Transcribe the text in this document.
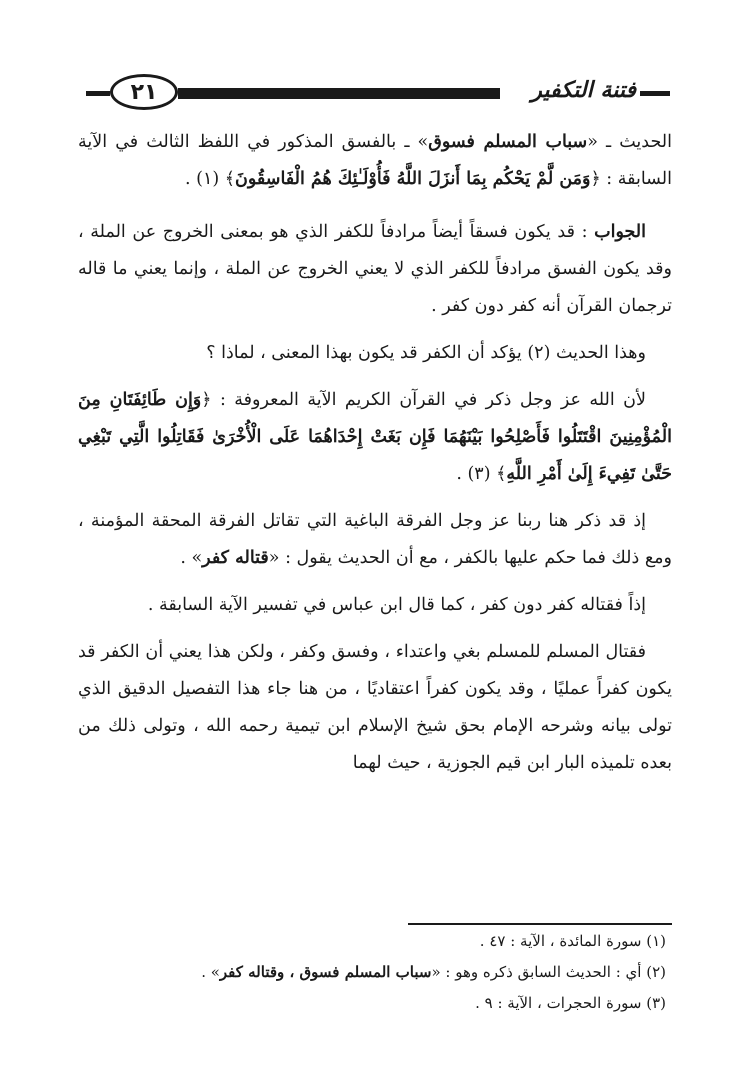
٢١	فتنة التكفير

الحديث ـ «سباب المسلم فسوق» ـ بالفسق المذكور في اللفظ الثالث في الآية السابقة : ﴿وَمَن لَّمْ يَحْكُم بِمَا أَنزَلَ اللَّهُ فَأُوْلَـٰئِكَ هُمُ الْفَاسِقُونَ﴾ (١) .

الجواب : قد يكون فسقاً أيضاً مرادفاً للكفر الذي هو بمعنى الخروج عن الملة ، وقد يكون الفسق مرادفاً للكفر الذي لا يعني الخروج عن الملة ، وإنما يعني ما قاله ترجمان القرآن أنه كفر دون كفر .

وهذا الحديث (٢) يؤكد أن الكفر قد يكون بهذا المعنى ، لماذا ؟

لأن الله عز وجل ذكر في القرآن الكريم الآية المعروفة : ﴿وَإِن طَائِفَتَانِ مِنَ الْمُؤْمِنِينَ اقْتَتَلُوا فَأَصْلِحُوا بَيْنَهُمَا فَإِن بَغَتْ إِحْدَاهُمَا عَلَى الْأُخْرَىٰ فَقَاتِلُوا الَّتِي تَبْغِي حَتَّىٰ تَفِيءَ إِلَىٰ أَمْرِ اللَّهِ﴾ (٣) .

إذ قد ذكر هنا ربنا عز وجل الفرقة الباغية التي تقاتل الفرقة المحقة المؤمنة ، ومع ذلك فما حكم عليها بالكفر ، مع أن الحديث يقول : «قتاله كفر» .

إذاً فقتاله كفر دون كفر ، كما قال ابن عباس في تفسير الآية السابقة .

فقتال المسلم للمسلم بغي واعتداء ، وفسق وكفر ، ولكن هذا يعني أن الكفر قد يكون كفراً عمليًا ، وقد يكون كفراً اعتقاديًا ، من هنا جاء هذا التفصيل الدقيق الذي تولى بيانه وشرحه الإمام بحق شيخ الإسلام ابن تيمية رحمه الله ، وتولى ذلك من بعده تلميذه البار ابن قيم الجوزية ، حيث لهما

(١) سورة المائدة ، الآية : ٤٧ .

(٢) أي : الحديث السابق ذكره وهو : «سباب المسلم فسوق ، وقتاله كفر» .

(٣) سورة الحجرات ، الآية : ٩ .
